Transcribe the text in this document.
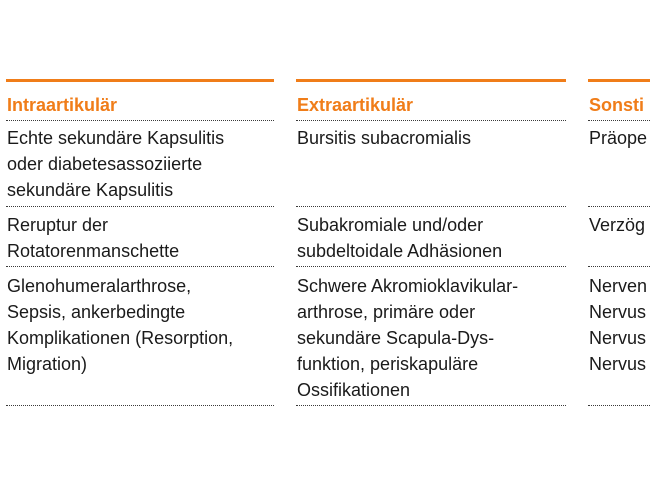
Intraartikulär
Echte sekundäre Kapsulitis
oder diabetesassoziierte
sekundäre Kapsulitis
Reruptur der
Rotatorenmanschette
Glenohumeralarthrose,
Sepsis, ankerbedingte
Komplikationen (Resorption,
Migration)
Extraartikulär
Bursitis subacromialis
Subakromiale und/oder
subdeltoidale Adhäsionen
Schwere Akromioklavikular-
arthrose, primäre oder
sekundäre Scapula-Dys-
funktion, periskapuläre
Ossifikationen
Sonsti
Präope
Verzög
Nerven
Nervus
Nervus
Nervus
